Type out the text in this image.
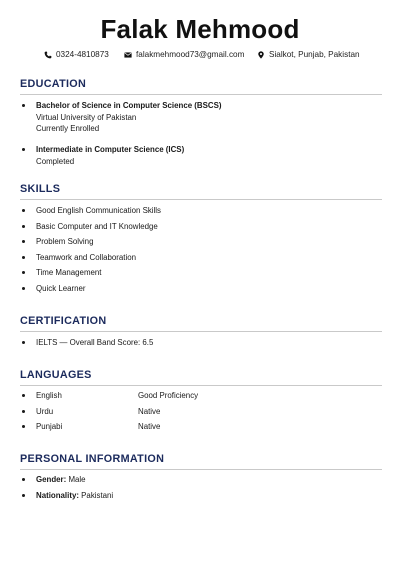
Falak Mehmood
0324-4810873	falakmehmood73@gmail.com	Sialkot, Punjab, Pakistan
EDUCATION
Bachelor of Science in Computer Science (BSCS)
Virtual University of Pakistan
Currently Enrolled
Intermediate in Computer Science (ICS)
Completed
SKILLS
Good English Communication Skills
Basic Computer and IT Knowledge
Problem Solving
Teamwork and Collaboration
Time Management
Quick Learner
CERTIFICATION
IELTS — Overall Band Score: 6.5
LANGUAGES
English	Good Proficiency
Urdu	Native
Punjabi	Native
PERSONAL INFORMATION
Gender: Male
Nationality: Pakistani
